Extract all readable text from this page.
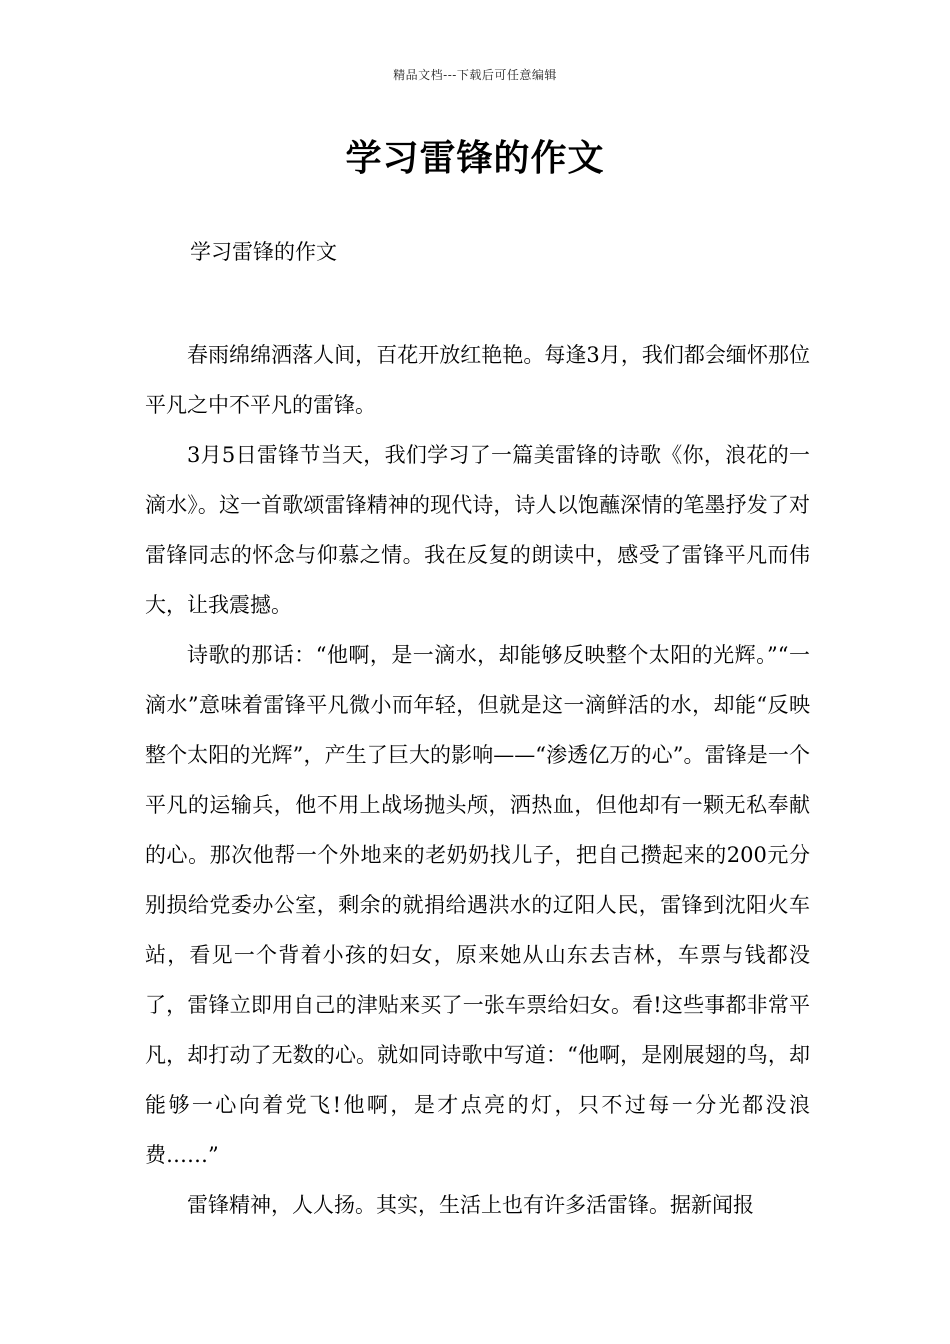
精品文档---下载后可任意编辑
学习雷锋的作文
学习雷锋的作文

春雨绵绵洒落人间，百花开放红艳艳。每逢3月，我们都会缅怀那位平凡之中不平凡的雷锋。

3月5日雷锋节当天，我们学习了一篇美雷锋的诗歌《你，浪花的一滴水》。这一首歌颂雷锋精神的现代诗，诗人以饱蘸深情的笔墨抒发了对雷锋同志的怀念与仰慕之情。我在反复的朗读中，感受了雷锋平凡而伟大，让我震撼。

诗歌的那话：“他啊，是一滴水，却能够反映整个太阳的光辉。”“一滴水”意味着雷锋平凡微小而年轻，但就是这一滴鲜活的水，却能“反映整个太阳的光辉”，产生了巨大的影响——“渗透亿万的心”。雷锋是一个平凡的运输兵，他不用上战场抛头颅，洒热血，但他却有一颗无私奉献的心。那次他帮一个外地来的老奶奶找儿子，把自己攒起来的200元分别损给党委办公室，剩余的就捐给遇洪水的辽阳人民，雷锋到沈阳火车站，看见一个背着小孩的妇女，原来她从山东去吉林，车票与钱都没了，雷锋立即用自己的津贴来买了一张车票给妇女。看!这些事都非常平凡，却打动了无数的心。就如同诗歌中写道：“他啊，是刚展翅的鸟，却能够一心向着党飞!他啊，是才点亮的灯，只不过每一分光都没浪费……”

雷锋精神，人人扬。其实，生活上也有许多活雷锋。据新闻报
